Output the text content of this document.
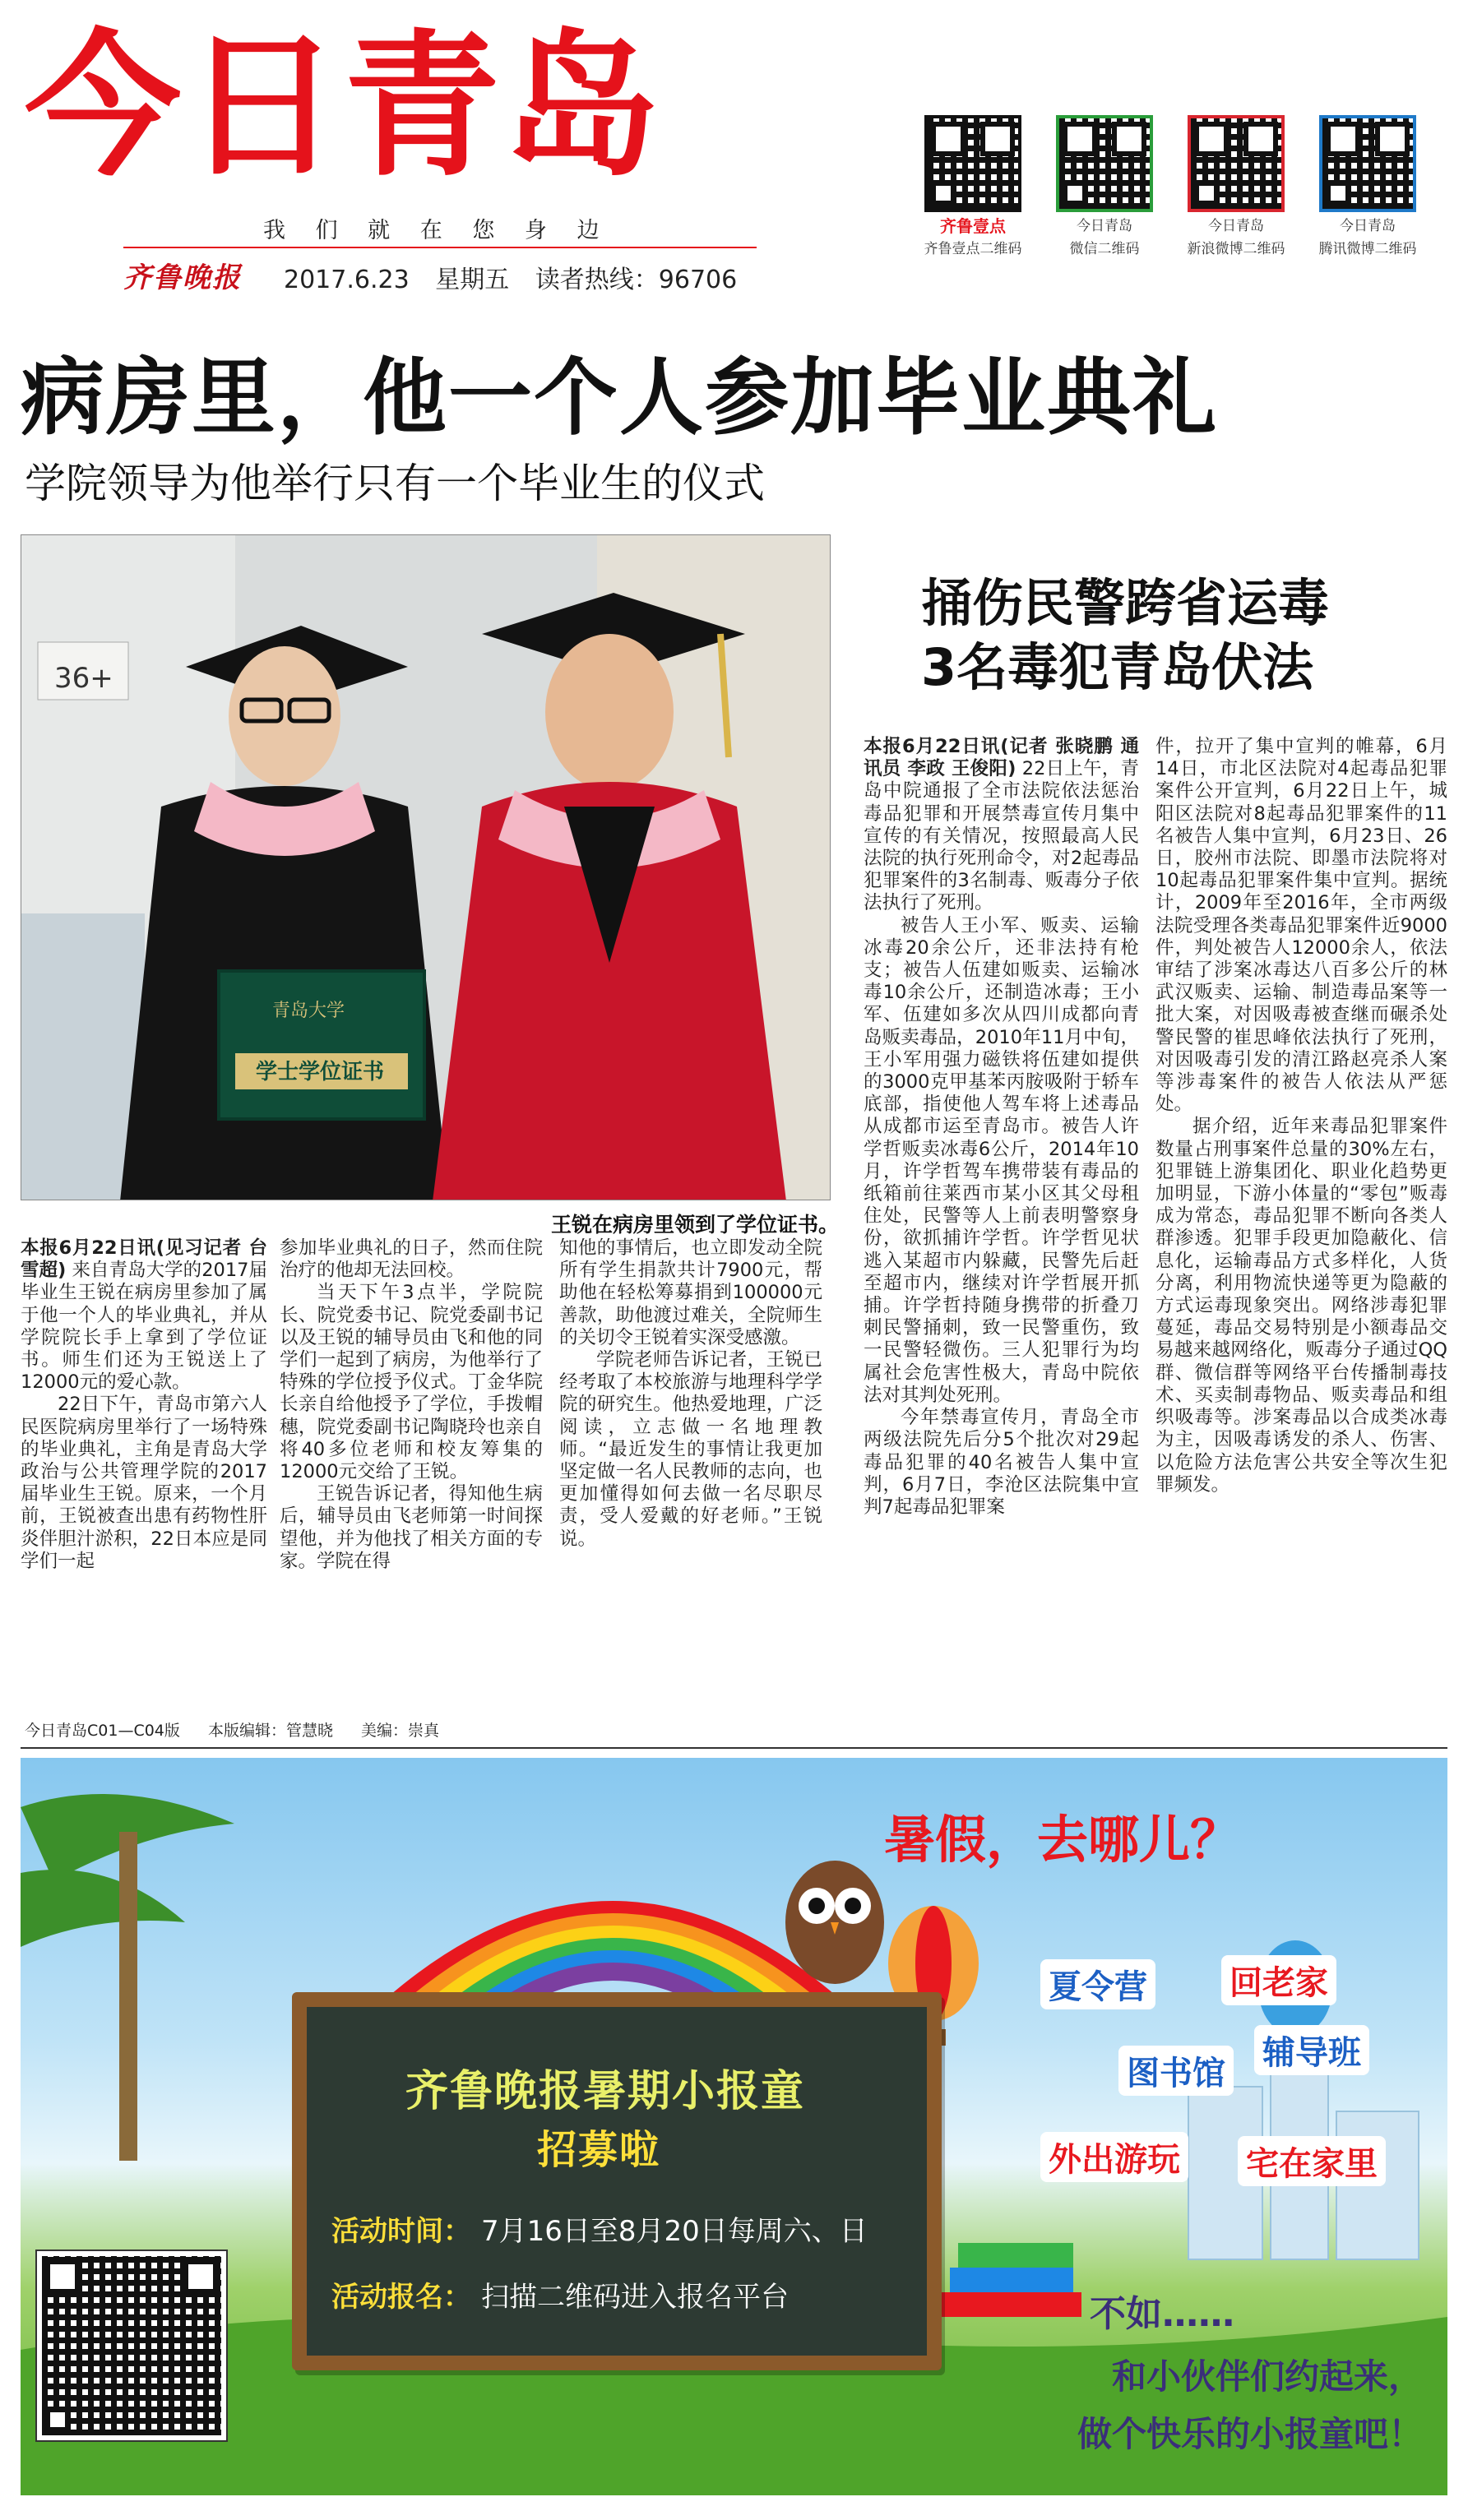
今日青岛
我 们 就 在 您 身 边
齐鲁晚报 2017.6.23 星期五 读者热线：96706
齐鲁壹点
齐鲁壹点二维码
今日青岛
微信二维码
今日青岛
新浪微博二维码
今日青岛
腾讯微博二维码
病房里，他一个人参加毕业典礼
学院领导为他举行只有一个毕业生的仪式
36+
青岛大学
学士学位证书
王锐在病房里领到了学位证书。

本报6月22日讯(见习记者 台雪超) 来自青岛大学的2017届毕业生王锐在病房里参加了属于他一个人的毕业典礼，并从学院院长手上拿到了学位证书。师生们还为王锐送上了12000元的爱心款。

22日下午，青岛市第六人民医院病房里举行了一场特殊的毕业典礼，主角是青岛大学政治与公共管理学院的2017届毕业生王锐。原来，一个月前，王锐被查出患有药物性肝炎伴胆汁淤积，22日本应是同学们一起

参加毕业典礼的日子，然而住院治疗的他却无法回校。

当天下午3点半，学院院长、院党委书记、院党委副书记以及王锐的辅导员由飞和他的同学们一起到了病房，为他举行了特殊的学位授予仪式。丁金华院长亲自给他授予了学位，手拨帽穗，院党委副书记陶晓玲也亲自将40多位老师和校友筹集的12000元交给了王锐。

王锐告诉记者，得知他生病后，辅导员由飞老师第一时间探望他，并为他找了相关方面的专家。学院在得

知他的事情后，也立即发动全院所有学生捐款共计7900元，帮助他在轻松筹募捐到100000元善款，助他渡过难关，全院师生的关切令王锐着实深受感激。

学院老师告诉记者，王锐已经考取了本校旅游与地理科学学院的研究生。他热爱地理，广泛阅读，立志做一名地理教师。“最近发生的事情让我更加坚定做一名人民教师的志向，也更加懂得如何去做一名尽职尽责，受人爱戴的好老师。”王锐说。

捅伤民警跨省运毒
3名毒犯青岛伏法

本报6月22日讯(记者 张晓鹏 通讯员 李政 王俊阳) 22日上午，青岛中院通报了全市法院依法惩治毒品犯罪和开展禁毒宣传月集中宣传的有关情况，按照最高人民法院的执行死刑命令，对2起毒品犯罪案件的3名制毒、贩毒分子依法执行了死刑。

被告人王小军、贩卖、运输冰毒20余公斤，还非法持有枪支；被告人伍建如贩卖、运输冰毒10余公斤，还制造冰毒；王小军、伍建如多次从四川成都向青岛贩卖毒品，2010年11月中旬，王小军用强力磁铁将伍建如提供的3000克甲基苯丙胺吸附于轿车底部，指使他人驾车将上述毒品从成都市运至青岛市。被告人许学哲贩卖冰毒6公斤，2014年10月，许学哲驾车携带装有毒品的纸箱前往莱西市某小区其父母租住处，民警等人上前表明警察身份，欲抓捕许学哲。许学哲见状逃入某超市内躲藏，民警先后赶至超市内，继续对许学哲展开抓捕。许学哲持随身携带的折叠刀刺民警捅刺，致一民警重伤，致一民警轻微伤。三人犯罪行为均属社会危害性极大，青岛中院依法对其判处死刑。

今年禁毒宣传月，青岛全市两级法院先后分5个批次对29起毒品犯罪的40名被告人集中宣判，6月7日，李沧区法院集中宣判7起毒品犯罪案

件，拉开了集中宣判的帷幕，6月14日，市北区法院对4起毒品犯罪案件公开宣判，6月22日上午，城阳区法院对8起毒品犯罪案件的11名被告人集中宣判，6月23日、26日，胶州市法院、即墨市法院将对10起毒品犯罪案件集中宣判。据统计，2009年至2016年，全市两级法院受理各类毒品犯罪案件近9000件，判处被告人12000余人，依法审结了涉案冰毒达八百多公斤的林武汉贩卖、运输、制造毒品案等一批大案，对因吸毒被查继而碾杀处警民警的崔思峰依法执行了死刑，对因吸毒引发的清江路赵亮杀人案等涉毒案件的被告人依法从严惩处。

据介绍，近年来毒品犯罪案件数量占刑事案件总量的30%左右，犯罪链上游集团化、职业化趋势更加明显，下游小体量的“零包”贩毒成为常态，毒品犯罪不断向各类人群渗透。犯罪手段更加隐蔽化、信息化，运输毒品方式多样化，人货分离，利用物流快递等更为隐蔽的方式运毒现象突出。网络涉毒犯罪蔓延，毒品交易特别是小额毒品交易越来越网络化，贩毒分子通过QQ群、微信群等网络平台传播制毒技术、买卖制毒物品、贩卖毒品和组织吸毒等。涉案毒品以合成类冰毒为主，因吸毒诱发的杀人、伤害、以危险方法危害公共安全等次生犯罪频发。

今日青岛C01—C04版 本版编辑：管慧晓 美编：崇真
暑假，去哪儿？
齐鲁晚报暑期小报童
招募啦
活动时间： 7月16日至8月20日每周六、日
活动报名： 扫描二维码进入报名平台
夏令营	回老家
图书馆
辅导班
外出游玩 宅在家里
不如……
和小伙伴们约起来，
做个快乐的小报童吧！
